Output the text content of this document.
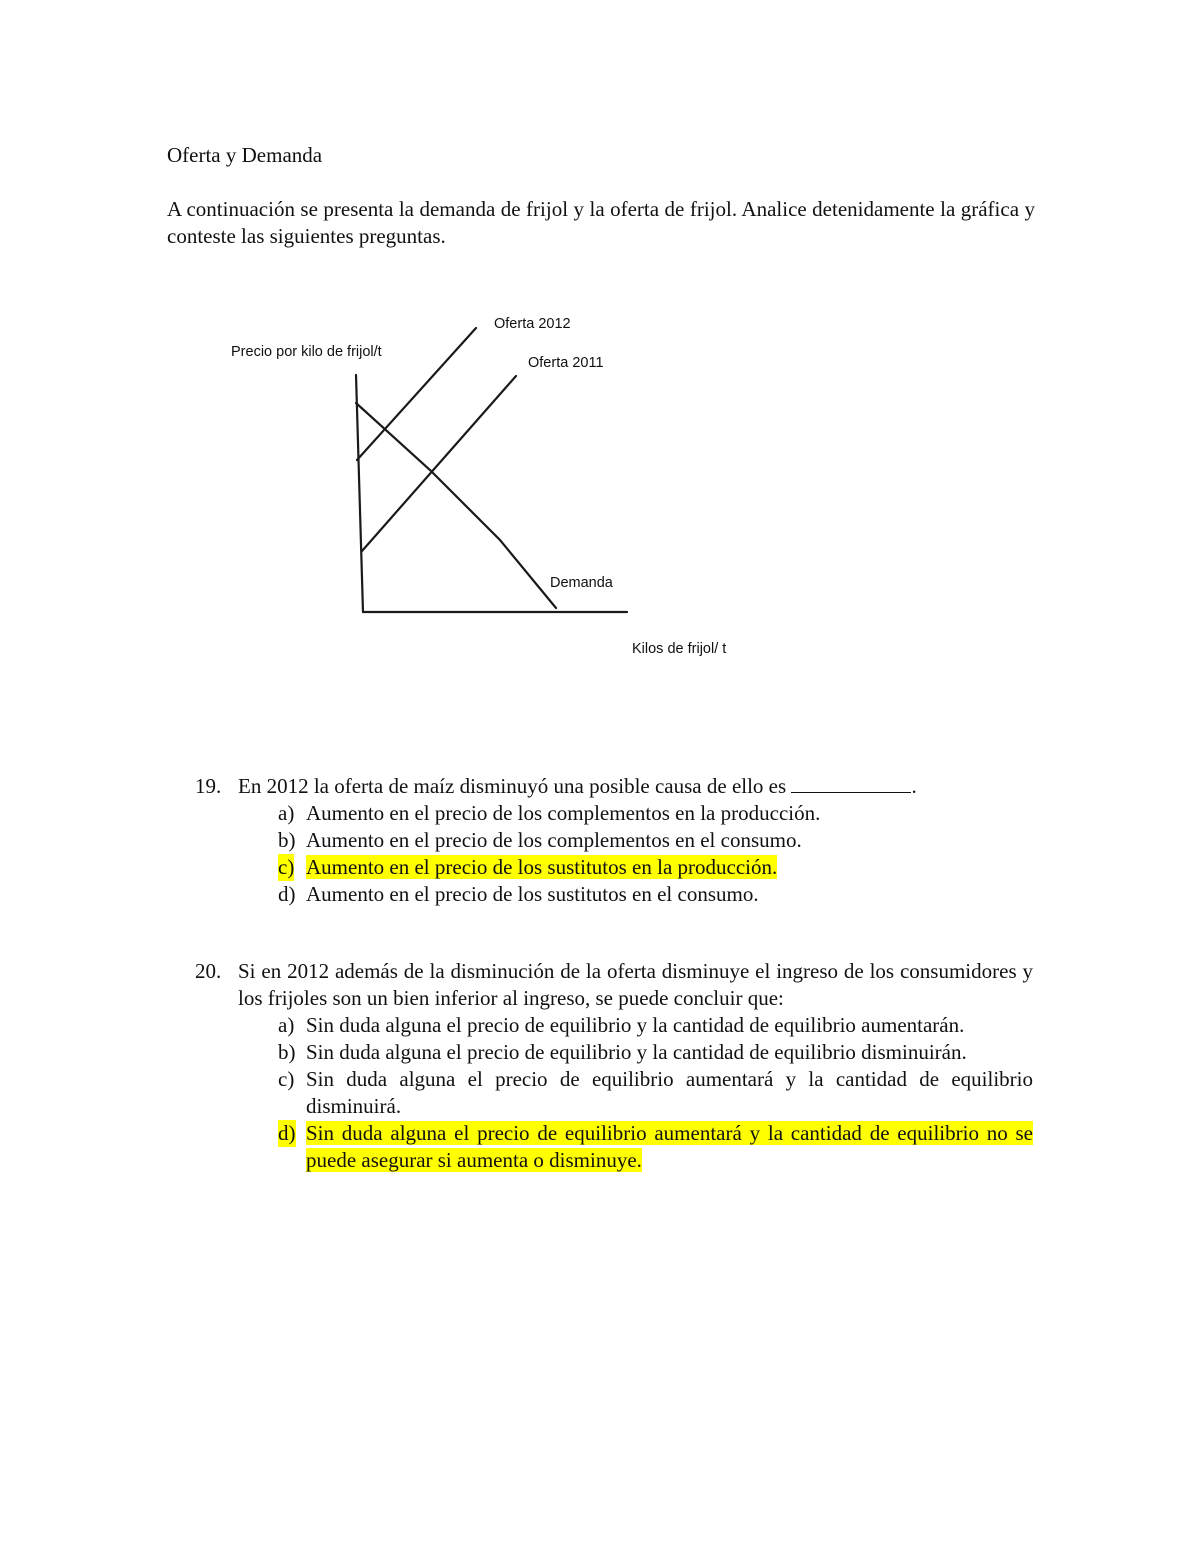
Oferta y Demanda

A continuación se presenta la demanda de frijol y la oferta de frijol. Analice detenidamente la gráfica y conteste las siguientes preguntas.

Precio por kilo de frijol/t
Oferta 2012
Oferta 2011
Demanda
Kilos de frijol/ t
19. En 2012 la oferta de maíz disminuyó una posible causa de ello es	.
a) Aumento en el precio de los complementos en la producción.
b) Aumento en el precio de los complementos en el consumo.
c) Aumento en el precio de los sustitutos en la producción.
d) Aumento en el precio de los sustitutos en el consumo.
20. Si en 2012 además de la disminución de la oferta disminuye el ingreso de los consumidores y los frijoles son un bien inferior al ingreso, se puede concluir que:
a) Sin duda alguna el precio de equilibrio y la cantidad de equilibrio aumentarán.
b) Sin duda alguna el precio de equilibrio y la cantidad de equilibrio disminuirán.
c) Sin duda alguna el precio de equilibrio aumentará y la cantidad de equilibrio disminuirá.
d) Sin duda alguna el precio de equilibrio aumentará y la cantidad de equilibrio no se puede asegurar si aumenta o disminuye.
